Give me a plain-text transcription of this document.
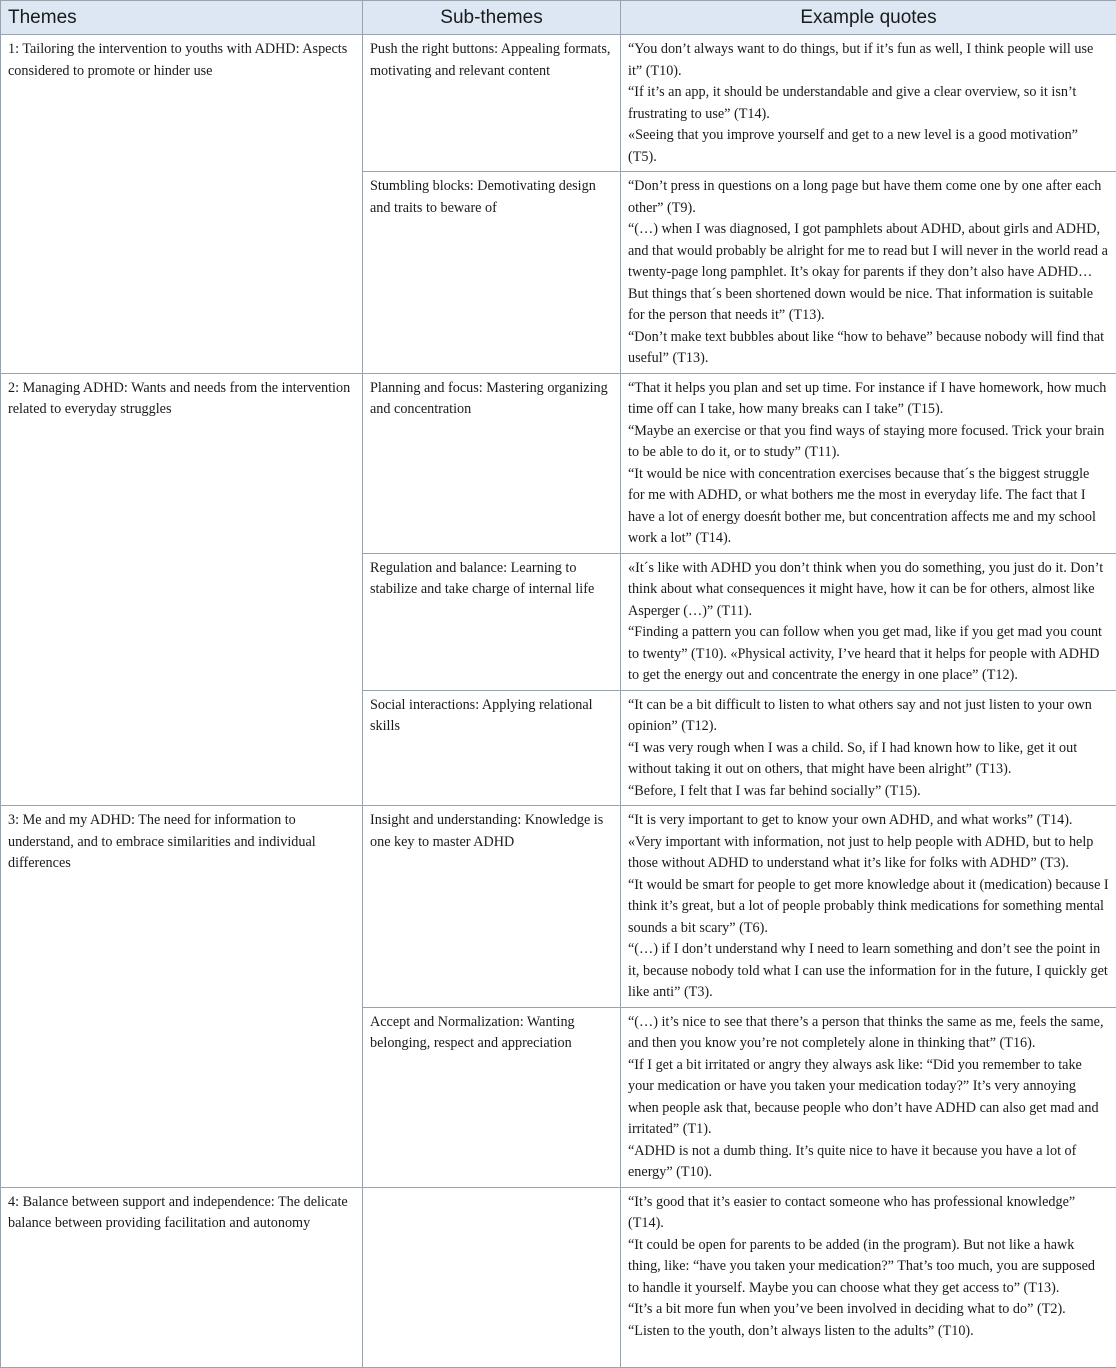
Themes	Sub-themes	Example quotes
1: Tailoring the intervention to youths with ADHD: Aspects considered to promote or hinder use	Push the right buttons: Appealing formats, motivating and relevant content	“You don’t always want to do things, but if it’s fun as well, I think people will use it” (T10).

“If it’s an app, it should be understandable and give a clear overview, so it isn’t frustrating to use” (T14).

«Seeing that you improve yourself and get to a new level is a good motivation” (T5).

	Stumbling blocks: Demotivating design and traits to beware of	“Don’t press in questions on a long page but have them come one by one after each other” (T9).

“(…) when I was diagnosed, I got pamphlets about ADHD, about girls and ADHD, and that would probably be alright for me to read but I will never in the world read a twenty-page long pamphlet. It’s okay for parents if they don’t also have ADHD… But things that´s been shortened down would be nice. That information is suitable for the person that needs it” (T13).

“Don’t make text bubbles about like “how to behave” because nobody will find that useful” (T13).

2: Managing ADHD: Wants and needs from the intervention related to everyday struggles	Planning and focus: Mastering organizing and concentration	“That it helps you plan and set up time. For instance if I have homework, how much time off can I take, how many breaks can I take” (T15).

“Maybe an exercise or that you find ways of staying more focused. Trick your brain to be able to do it, or to study” (T11).

“It would be nice with concentration exercises because that´s the biggest struggle for me with ADHD, or what bothers me the most in everyday life. The fact that I have a lot of energy doesńt bother me, but concentration affects me and my school work a lot” (T14).

	Regulation and balance: Learning to stabilize and take charge of internal life	«It´s like with ADHD you don’t think when you do something, you just do it. Don’t think about what consequences it might have, how it can be for others, almost like Asperger (…)” (T11).

“Finding a pattern you can follow when you get mad, like if you get mad you count to twenty” (T10). «Physical activity, I’ve heard that it helps for people with ADHD to get the energy out and concentrate the energy in one place” (T12).

	Social interactions: Applying relational skills	“It can be a bit difficult to listen to what others say and not just listen to your own opinion” (T12).

“I was very rough when I was a child. So, if I had known how to like, get it out without taking it out on others, that might have been alright” (T13).

“Before, I felt that I was far behind socially” (T15).

3: Me and my ADHD: The need for information to understand, and to embrace similarities and individual differences	Insight and understanding: Knowledge is one key to master ADHD	“It is very important to get to know your own ADHD, and what works” (T14).

«Very important with information, not just to help people with ADHD, but to help those without ADHD to understand what it’s like for folks with ADHD” (T3).

“It would be smart for people to get more knowledge about it (medication) because I think it’s great, but a lot of people probably think medications for something mental sounds a bit scary” (T6).

“(…) if I don’t understand why I need to learn something and don’t see the point in it, because nobody told what I can use the information for in the future, I quickly get like anti” (T3).

	Accept and Normalization: Wanting belonging, respect and appreciation	“(…) it’s nice to see that there’s a person that thinks the same as me, feels the same, and then you know you’re not completely alone in thinking that” (T16).

“If I get a bit irritated or angry they always ask like: “Did you remember to take your medication or have you taken your medication today?” It’s very annoying when people ask that, because people who don’t have ADHD can also get mad and irritated” (T1).

“ADHD is not a dumb thing. It’s quite nice to have it because you have a lot of energy” (T10).

4: Balance between support and independence: The delicate balance between providing facilitation and autonomy		“It’s good that it’s easier to contact someone who has professional knowledge” (T14).

“It could be open for parents to be added (in the program). But not like a hawk thing, like: “have you taken your medication?” That’s too much, you are supposed to handle it yourself. Maybe you can choose what they get access to” (T13).

“It’s a bit more fun when you’ve been involved in deciding what to do” (T2).

“Listen to the youth, don’t always listen to the adults” (T10).
